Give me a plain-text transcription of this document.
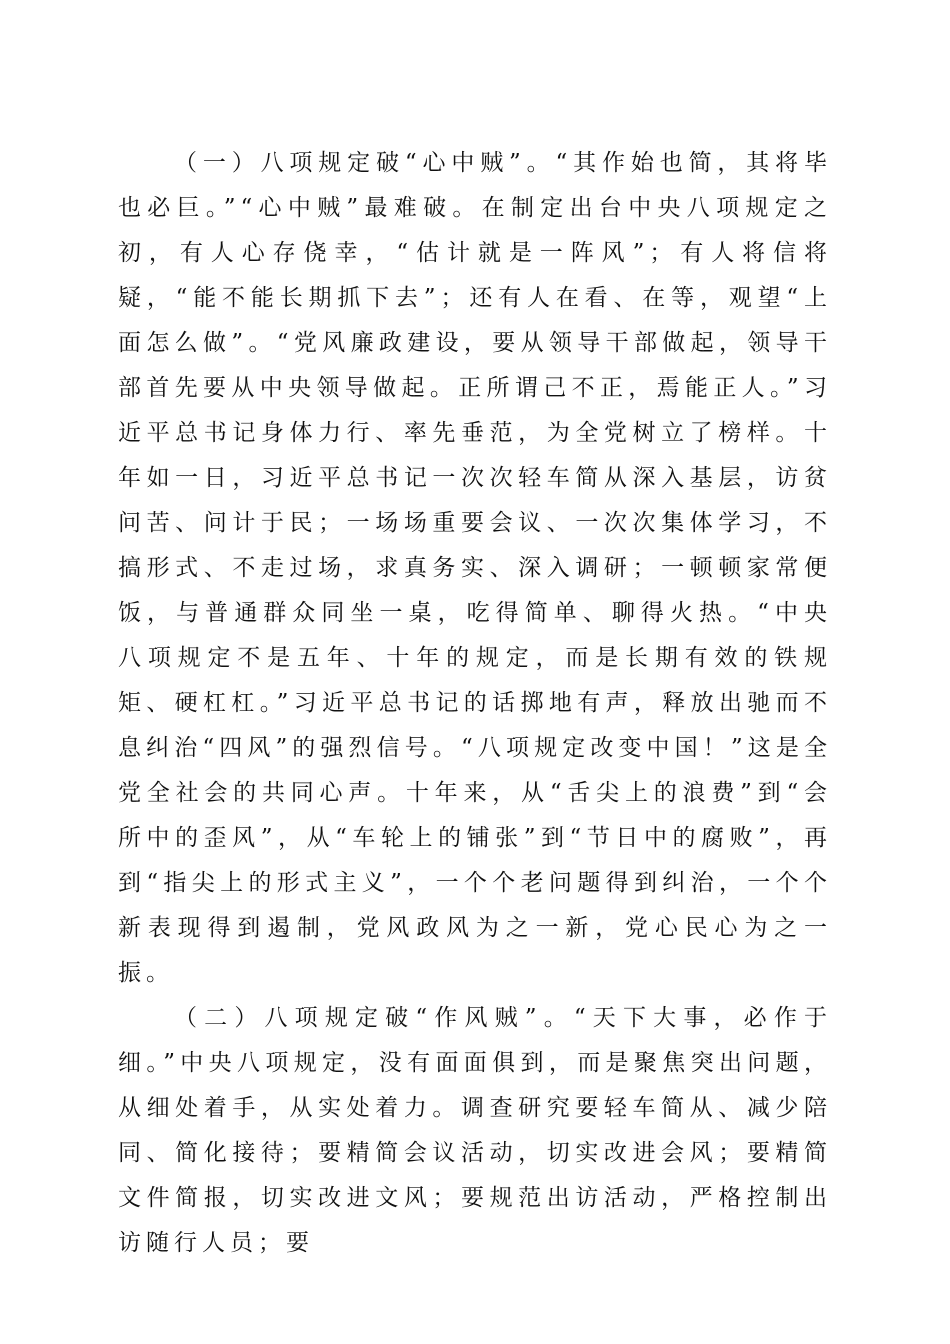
（一）八项规定破“心中贼”。“其作始也简，其将毕也必巨。”“心中贼”最难破。在制定出台中央八项规定之初，有人心存侥幸，“估计就是一阵风”；有人将信将疑，“能不能长期抓下去”；还有人在看、在等，观望“上面怎么做”。“党风廉政建设，要从领导干部做起，领导干部首先要从中央领导做起。正所谓己不正，焉能正人。”习近平总书记身体力行、率先垂范，为全党树立了榜样。十年如一日，习近平总书记一次次轻车简从深入基层，访贫问苦、问计于民；一场场重要会议、一次次集体学习，不搞形式、不走过场，求真务实、深入调研；一顿顿家常便饭，与普通群众同坐一桌，吃得简单、聊得火热。“中央八项规定不是五年、十年的规定，而是长期有效的铁规矩、硬杠杠。”习近平总书记的话掷地有声，释放出驰而不息纠治“四风”的强烈信号。“八项规定改变中国！”这是全党全社会的共同心声。十年来，从“舌尖上的浪费”到“会所中的歪风”，从“车轮上的铺张”到“节日中的腐败”，再到“指尖上的形式主义”，一个个老问题得到纠治，一个个新表现得到遏制，党风政风为之一新，党心民心为之一振。

（二）八项规定破“作风贼”。“天下大事，必作于细。”中央八项规定，没有面面俱到，而是聚焦突出问题，从细处着手，从实处着力。调查研究要轻车简从、减少陪同、简化接待；要精简会议活动，切实改进会风；要精简文件简报，切实改进文风；要规范出访活动，严格控制出访随行人员；要
